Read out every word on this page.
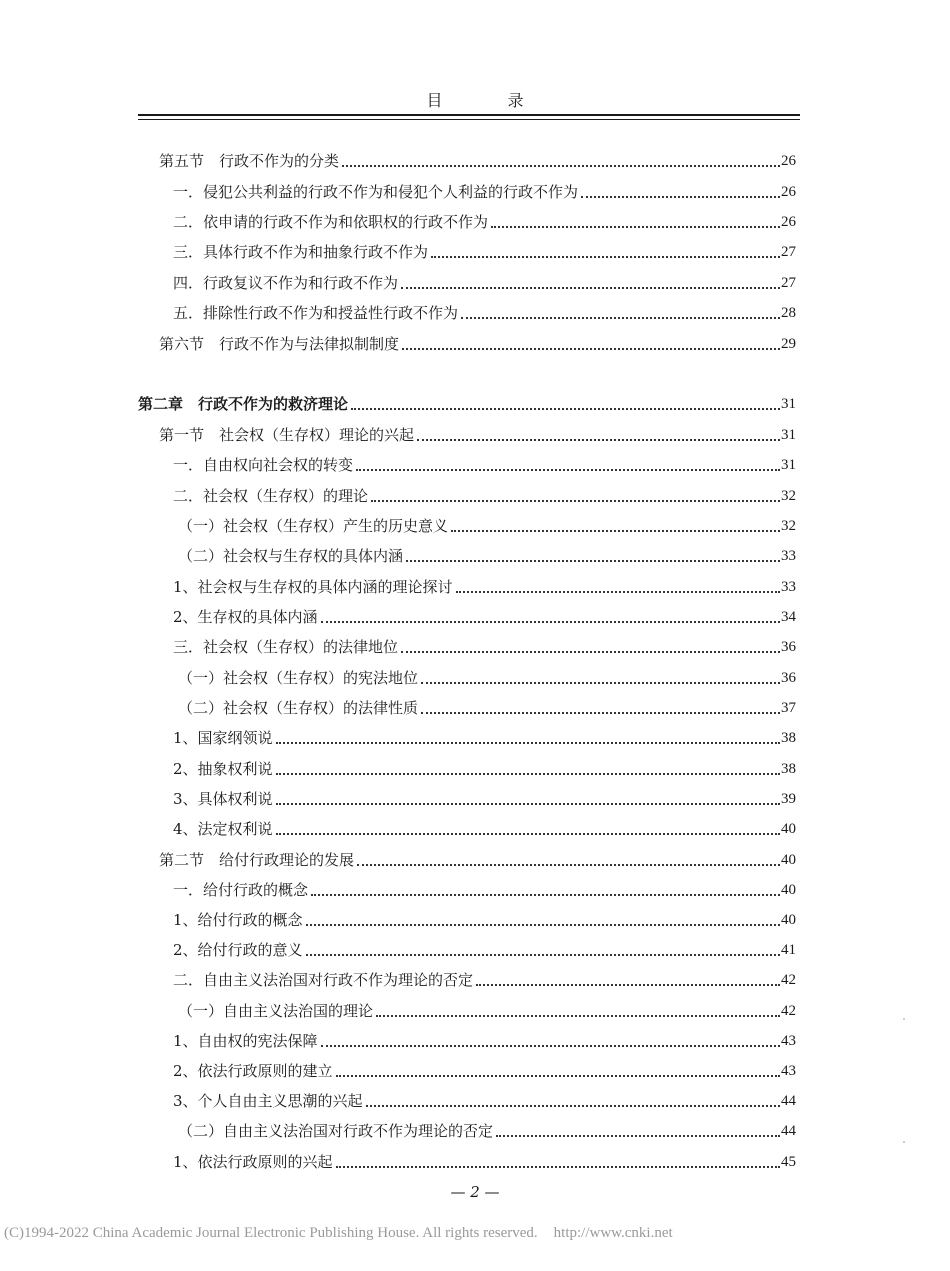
目 录
第五节　行政不作为的分类	26
一．侵犯公共利益的行政不作为和侵犯个人利益的行政不作为	26
二．依申请的行政不作为和依职权的行政不作为	26
三．具体行政不作为和抽象行政不作为	27
四．行政复议不作为和行政不作为	27
五．排除性行政不作为和授益性行政不作为	28
第六节　行政不作为与法律拟制制度	29
第二章　行政不作为的救济理论	31
第一节　社会权（生存权）理论的兴起	31
一．自由权向社会权的转变	31
二．社会权（生存权）的理论	32
（一）社会权（生存权）产生的历史意义	32
（二）社会权与生存权的具体内涵	33
1、社会权与生存权的具体内涵的理论探讨	33
2、生存权的具体内涵	34
三．社会权（生存权）的法律地位	36
（一）社会权（生存权）的宪法地位	36
（二）社会权（生存权）的法律性质	37
1、国家纲领说	38
2、抽象权利说	38
3、具体权利说	39
4、法定权利说	40
第二节　给付行政理论的发展	40
一．给付行政的概念	40
1、给付行政的概念	40
2、给付行政的意义	41
二．自由主义法治国对行政不作为理论的否定	42
（一）自由主义法治国的理论	42
1、自由权的宪法保障	43
2、依法行政原则的建立	43
3、个人自由主义思潮的兴起	44
（二）自由主义法治国对行政不作为理论的否定	44
1、依法行政原则的兴起	45
— 2 —
(C)1994-2022 China Academic Journal Electronic Publishing House. All rights reserved. http://www.cnki.net
